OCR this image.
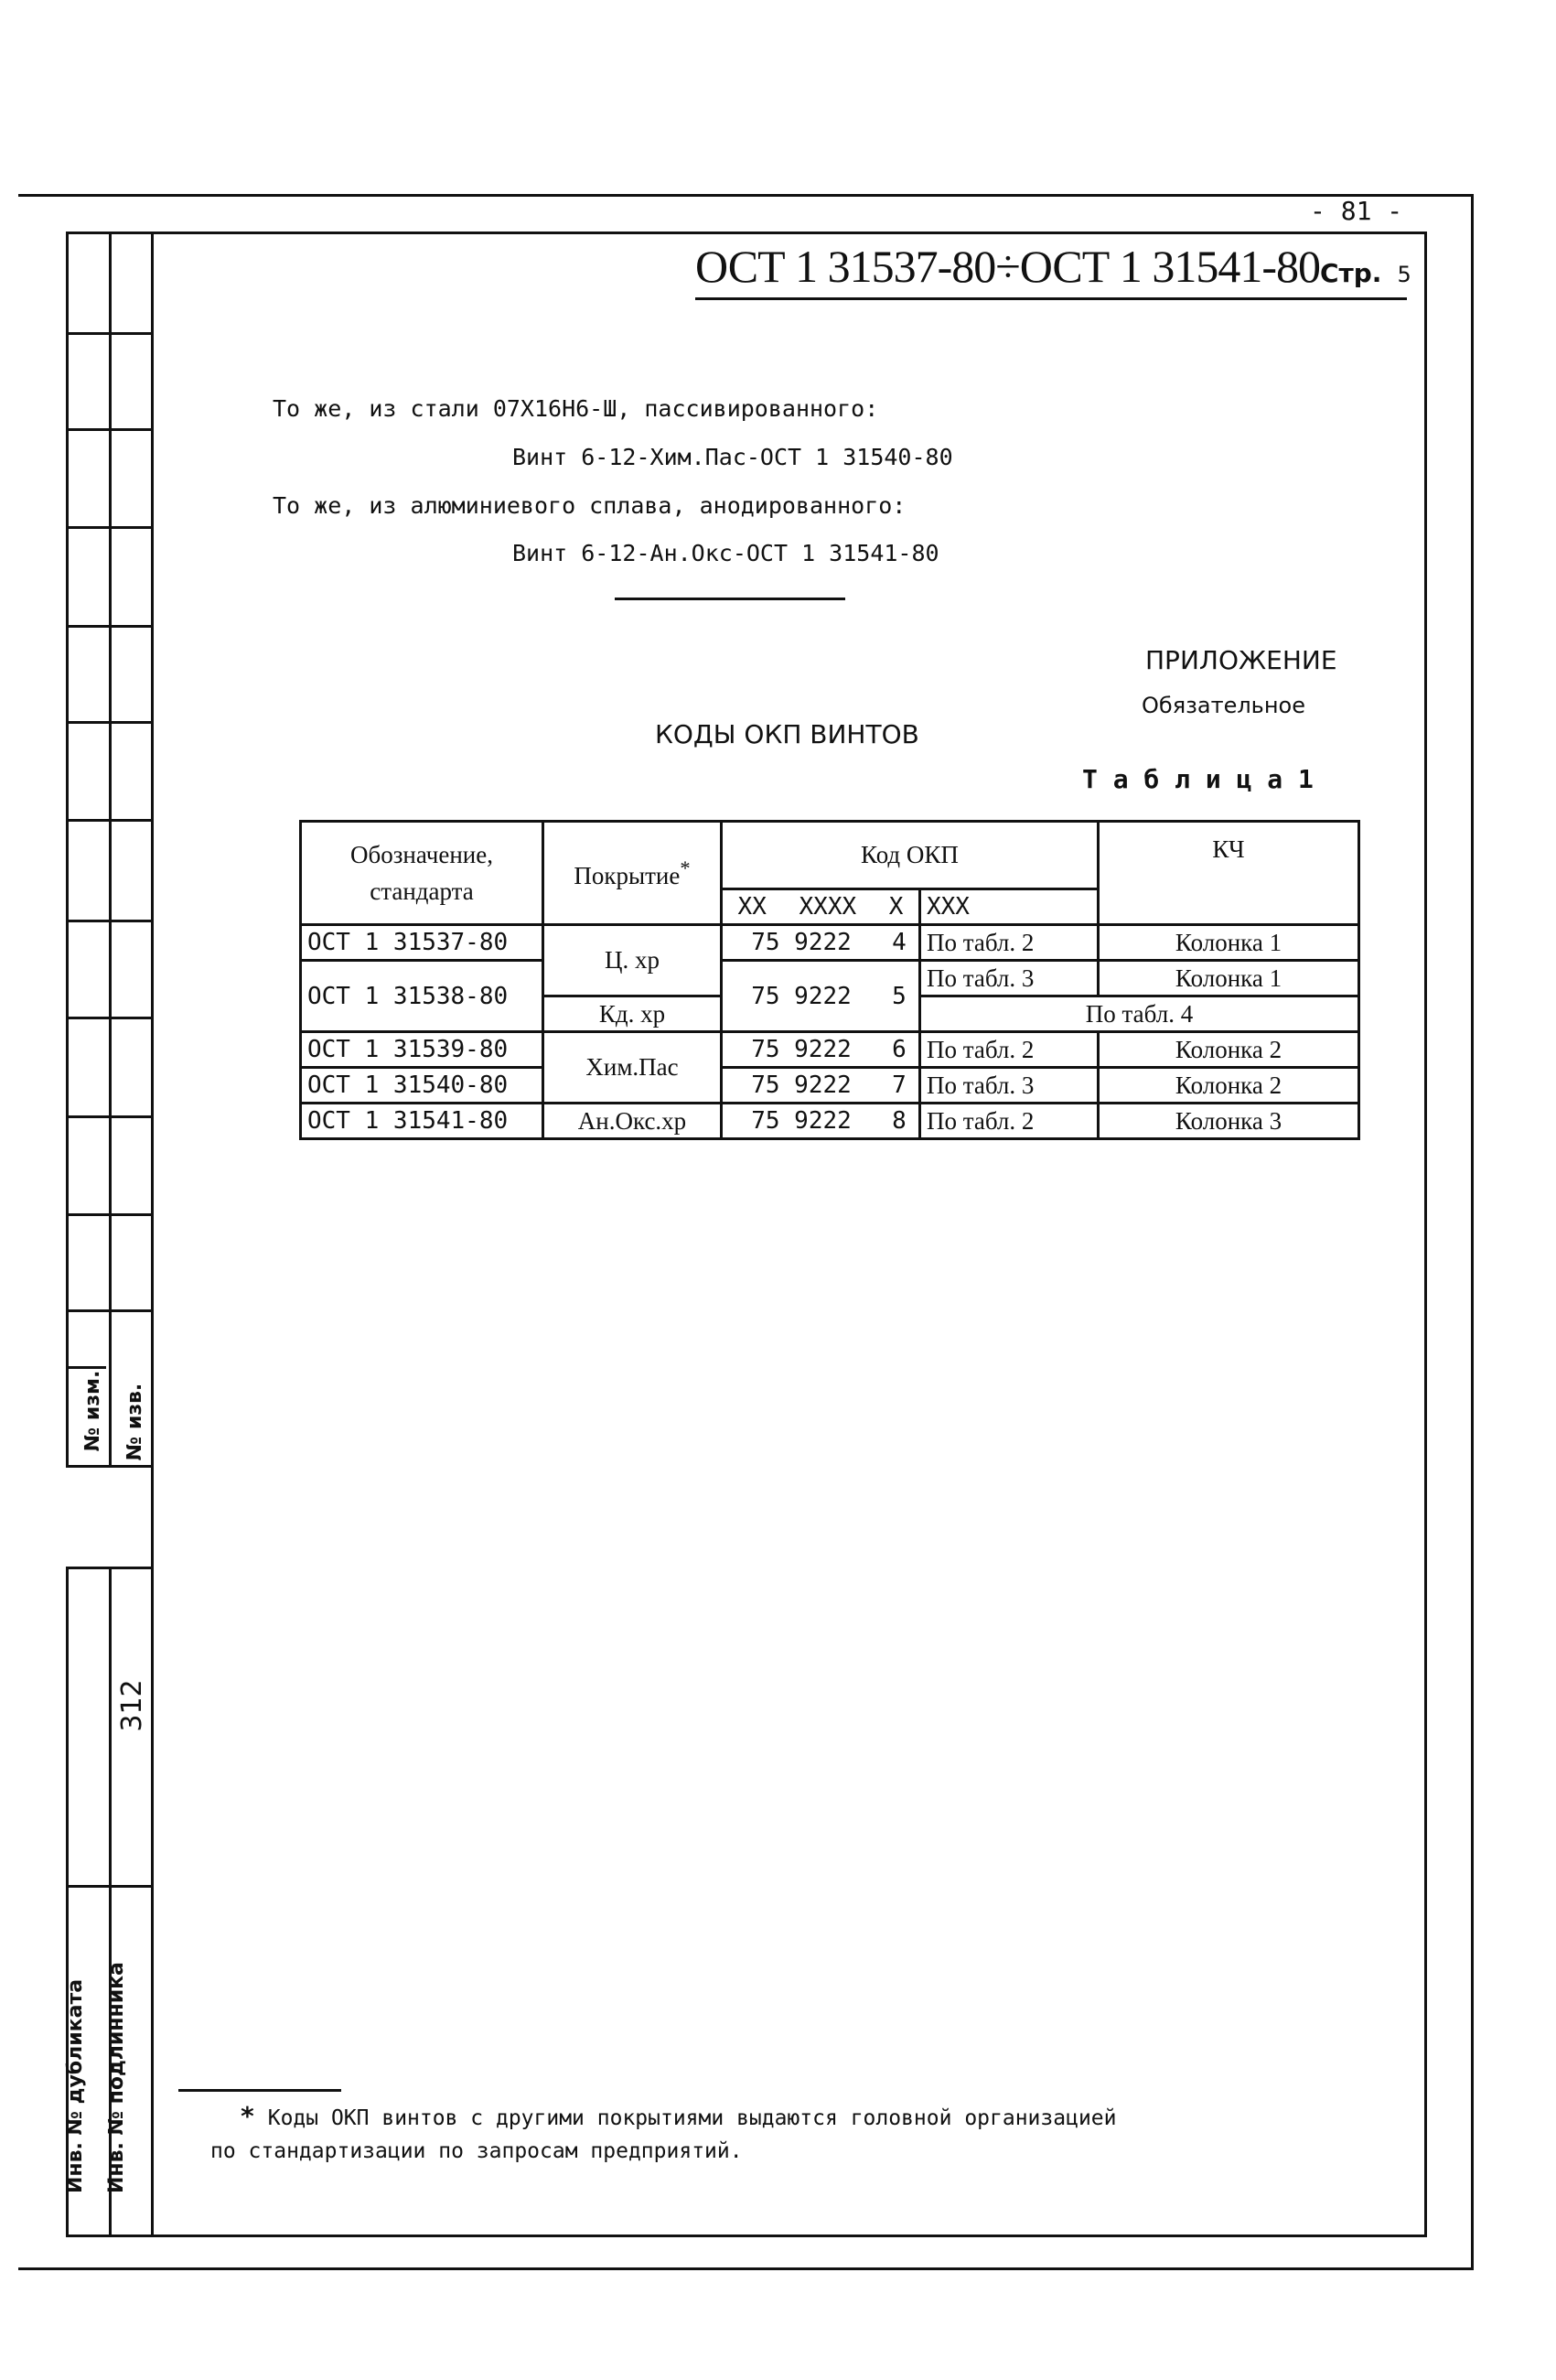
- 81 -
№ изм. № изв.
312
Инв. № дубликата Инв. № подлинника
ОСТ 1 31537-80÷ОСТ 1 31541-80Стр. 5
То же, из стали 07Х16Н6-Ш, пассивированного:
Винт 6-12-Хим.Пас-ОСТ 1 31540-80
То же, из алюминиевого сплава, анодированного:
Винт 6-12-Ан.Окс-ОСТ 1 31541-80
ПРИЛОЖЕНИЕ
Обязательное
КОДЫ ОКП ВИНТОВ
Т а б л и ц а 1
Обозначение,
стандарта	Покрытие*	Код ОКП			КЧ
		XX XXXX X		XXX	
ОСТ 1 31537-80	Ц. хр	75 9222	4	По табл. 2	Колонка 1
ОСТ 1 31538-80		75 9222	5	По табл. 3	Колонка 1
	Кд. хр			По табл. 4	
ОСТ 1 31539-80	Хим.Пас	75 9222	6	По табл. 2	Колонка 2
ОСТ 1 31540-80		75 9222	7	По табл. 3	Колонка 2
ОСТ 1 31541-80	Ан.Окс.хр	75 9222	8	По табл. 2	Колонка 3
* Коды ОКП винтов с другими покрытиями выдаются головной организацией
по стандартизации по запросам предприятий.
